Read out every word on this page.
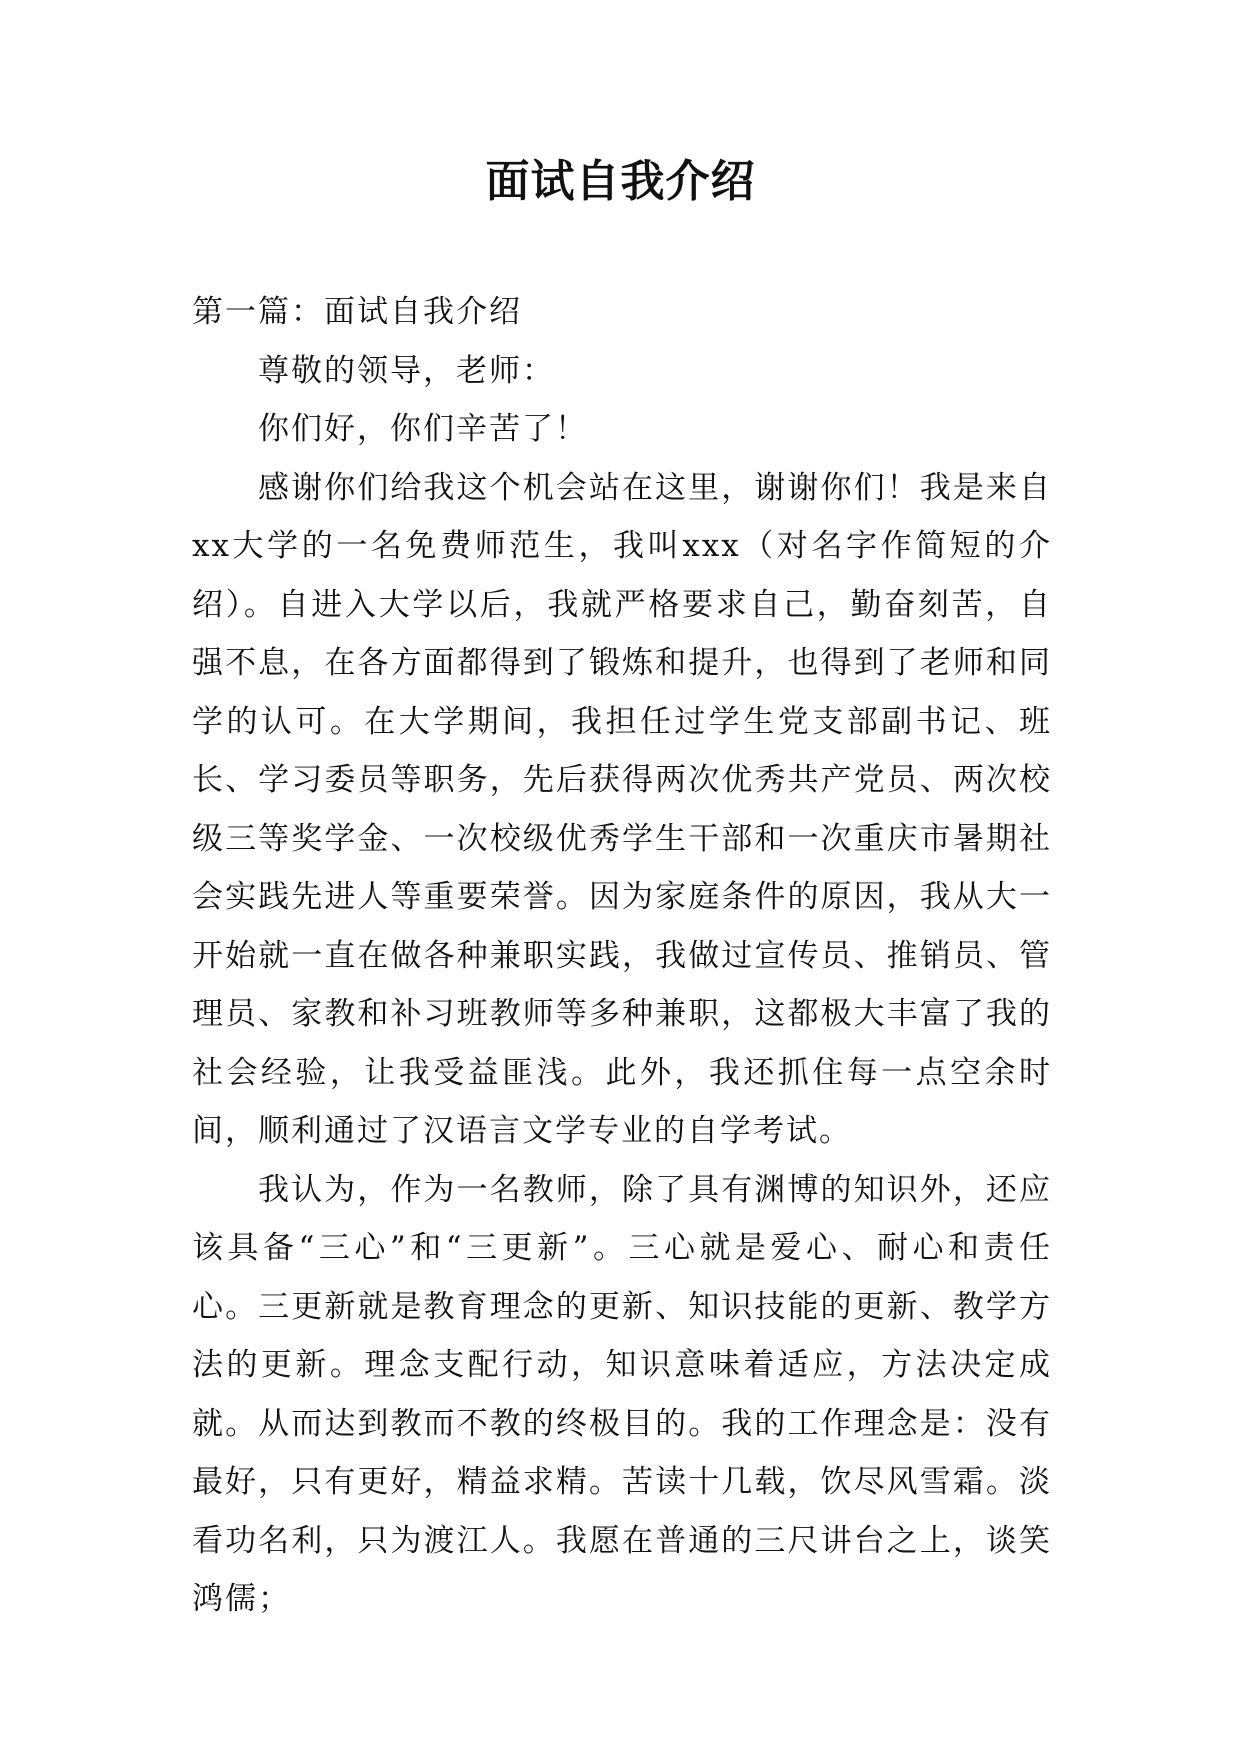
面试自我介绍

第一篇：面试自我介绍

尊敬的领导，老师：

你们好，你们辛苦了！

感谢你们给我这个机会站在这里，谢谢你们！我是来自xx大学的一名免费师范生，我叫xxx（对名字作简短的介绍）。自进入大学以后，我就严格要求自己，勤奋刻苦，自强不息，在各方面都得到了锻炼和提升，也得到了老师和同学的认可。在大学期间，我担任过学生党支部副书记、班长、学习委员等职务，先后获得两次优秀共产党员、两次校级三等奖学金、一次校级优秀学生干部和一次重庆市暑期社会实践先进人等重要荣誉。因为家庭条件的原因，我从大一开始就一直在做各种兼职实践，我做过宣传员、推销员、管理员、家教和补习班教师等多种兼职，这都极大丰富了我的社会经验，让我受益匪浅。此外，我还抓住每一点空余时间，顺利通过了汉语言文学专业的自学考试。

我认为，作为一名教师，除了具有渊博的知识外，还应该具备“三心”和“三更新”。三心就是爱心、耐心和责任心。三更新就是教育理念的更新、知识技能的更新、教学方法的更新。理念支配行动，知识意味着适应，方法决定成就。从而达到教而不教的终极目的。我的工作理念是：没有最好，只有更好，精益求精。苦读十几载，饮尽风雪霜。淡看功名利，只为渡江人。我愿在普通的三尺讲台之上，谈笑鸿儒；
